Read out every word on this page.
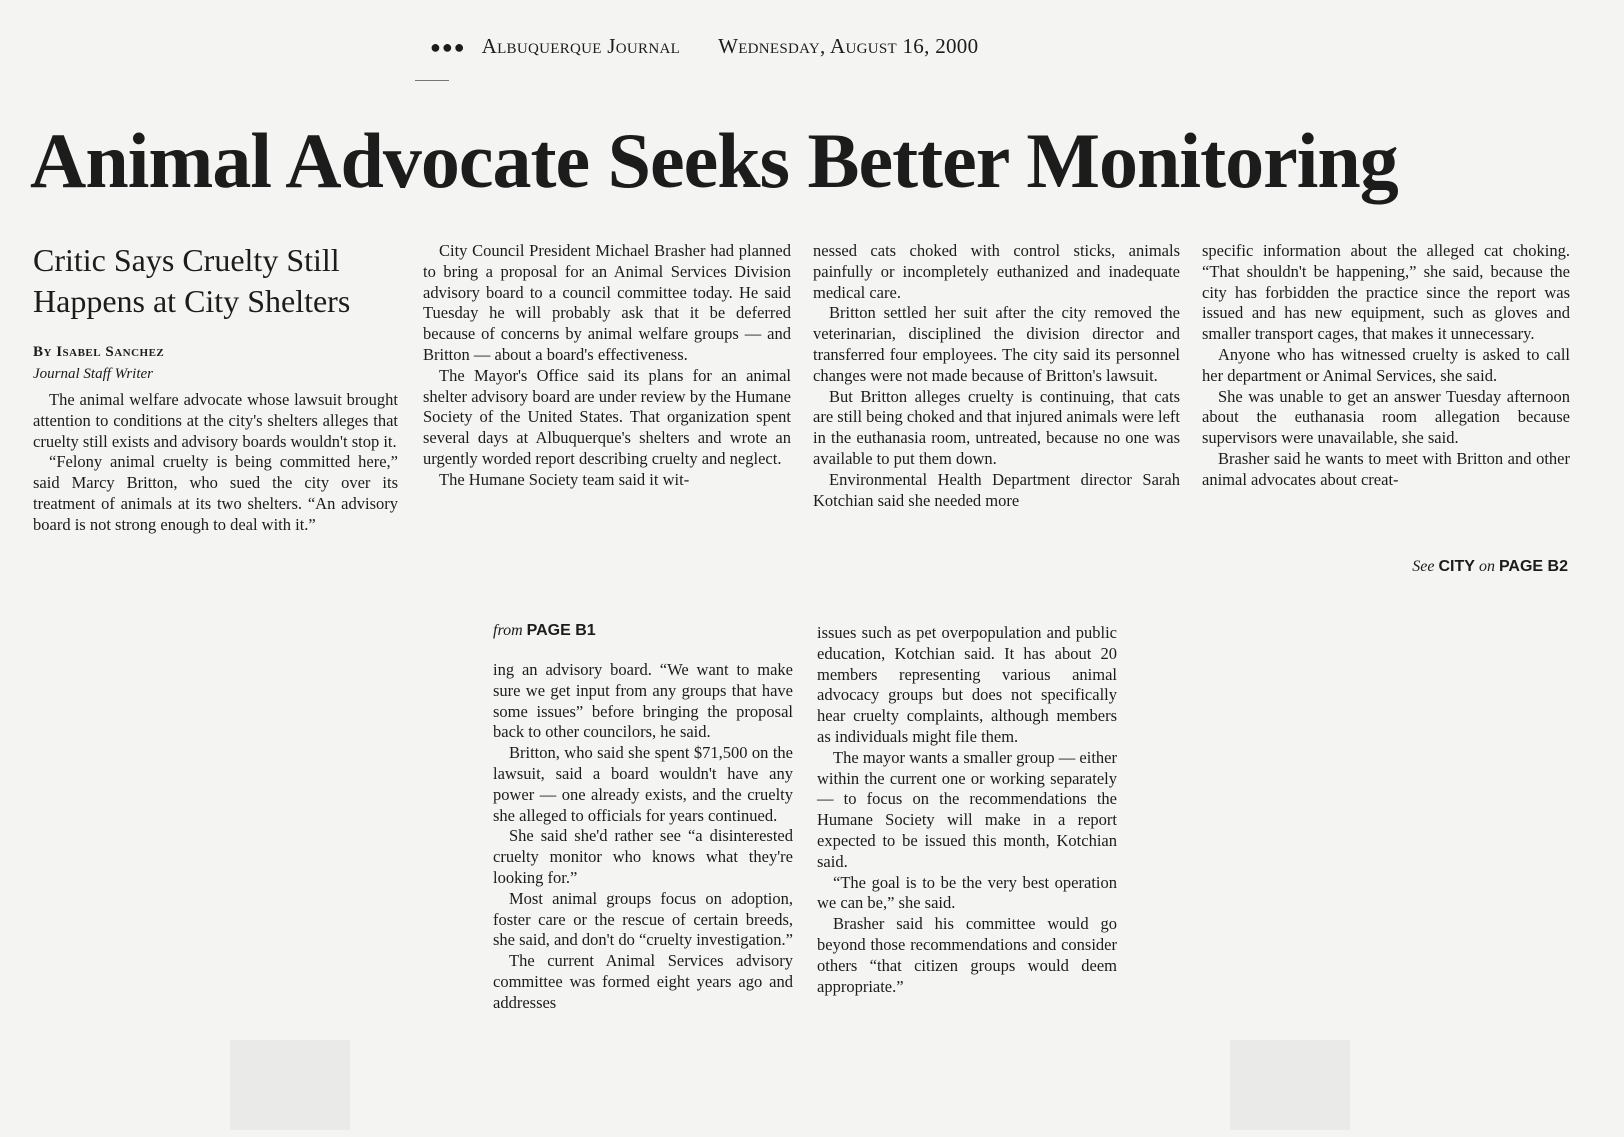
●●● Albuquerque Journal Wednesday, August 16, 2000
Animal Advocate Seeks Better Monitoring
Critic Says Cruelty Still Happens at City Shelters
By Isabel Sanchez
Journal Staff Writer

The animal welfare advocate whose lawsuit brought attention to conditions at the city's shelters alleges that cruelty still exists and advisory boards wouldn't stop it.

“Felony animal cruelty is being committed here,” said Marcy Britton, who sued the city over its treatment of animals at its two shelters. “An advisory board is not strong enough to deal with it.”

City Council President Michael Brasher had planned to bring a proposal for an Animal Services Division advisory board to a council committee today. He said Tuesday he will probably ask that it be deferred because of concerns by animal welfare groups — and Britton — about a board's effectiveness.

The Mayor's Office said its plans for an animal shelter advisory board are under review by the Humane Society of the United States. That organization spent several days at Albuquerque's shelters and wrote an urgently worded report describing cruelty and neglect.

The Humane Society team said it wit-

nessed cats choked with control sticks, animals painfully or incompletely euthanized and inadequate medical care.

Britton settled her suit after the city removed the veterinarian, disciplined the division director and transferred four employees. The city said its personnel changes were not made because of Britton's lawsuit.

But Britton alleges cruelty is continuing, that cats are still being choked and that injured animals were left in the euthanasia room, untreated, because no one was available to put them down.

Environmental Health Department director Sarah Kotchian said she needed more

specific information about the alleged cat choking. “That shouldn't be happening,” she said, because the city has forbidden the practice since the report was issued and has new equipment, such as gloves and smaller transport cages, that makes it unnecessary.

Anyone who has witnessed cruelty is asked to call her department or Animal Services, she said.

She was unable to get an answer Tuesday afternoon about the euthanasia room allegation because supervisors were unavailable, she said.

Brasher said he wants to meet with Britton and other animal advocates about creat-

See CITY on PAGE B2
from PAGE B1

ing an advisory board. “We want to make sure we get input from any groups that have some issues” before bringing the proposal back to other councilors, he said.

Britton, who said she spent $71,500 on the lawsuit, said a board wouldn't have any power — one already exists, and the cruelty she alleged to officials for years continued.

She said she'd rather see “a disinterested cruelty monitor who knows what they're looking for.”

Most animal groups focus on adoption, foster care or the rescue of certain breeds, she said, and don't do “cruelty investigation.”

The current Animal Services advisory committee was formed eight years ago and addresses

issues such as pet overpopulation and public education, Kotchian said. It has about 20 members representing various animal advocacy groups but does not specifically hear cruelty complaints, although members as individuals might file them.

The mayor wants a smaller group — either within the current one or working separately — to focus on the recommendations the Humane Society will make in a report expected to be issued this month, Kotchian said.

“The goal is to be the very best operation we can be,” she said.

Brasher said his committee would go beyond those recommendations and consider others “that citizen groups would deem appropriate.”
